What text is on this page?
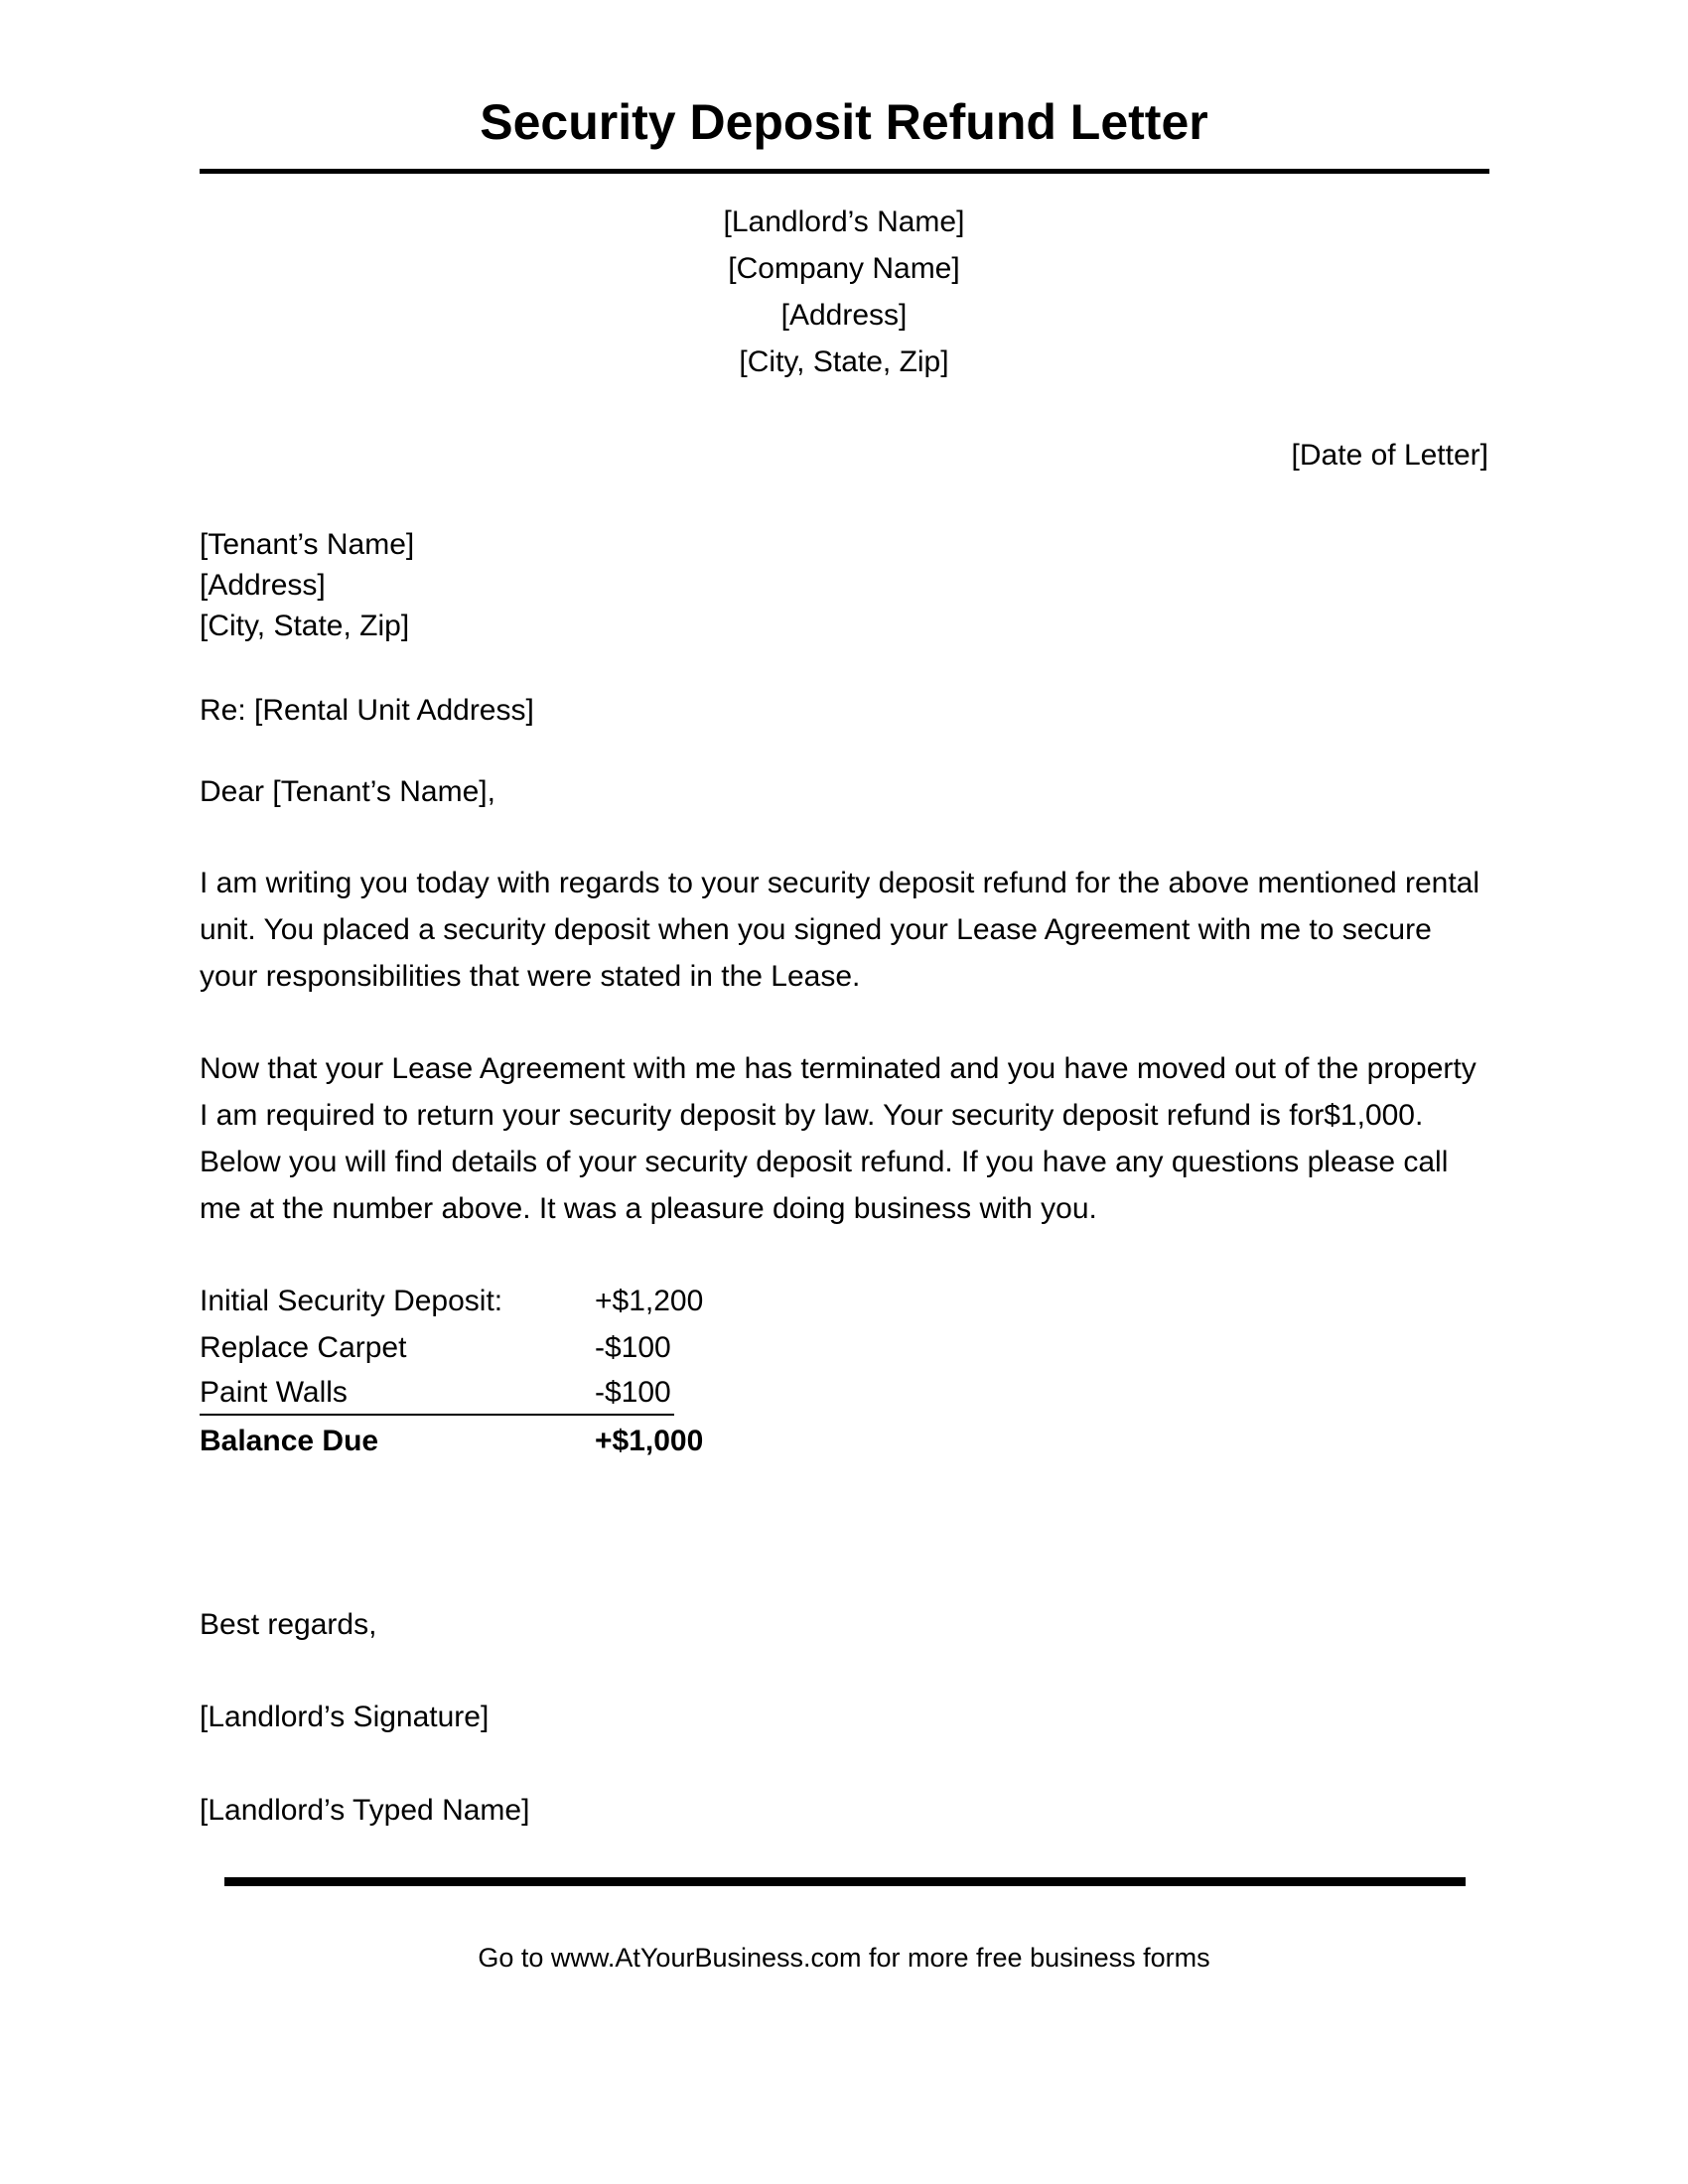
Security Deposit Refund Letter
[Landlord’s Name]
[Company Name]
[Address]
[City, State, Zip]
[Date of Letter]
[Tenant’s Name]
[Address]
[City, State, Zip]
Re: [Rental Unit Address]
Dear [Tenant’s Name],
I am writing you today with regards to your security deposit refund for the above mentioned rental unit. You placed a security deposit when you signed your Lease Agreement with me to secure your responsibilities that were stated in the Lease.
Now that your Lease Agreement with me has terminated and you have moved out of the property I am required to return your security deposit by law. Your security deposit refund is for$1,000. Below you will find details of your security deposit refund. If you have any questions please call me at the number above. It was a pleasure doing business with you.
Initial Security Deposit:	+$1,200
Replace Carpet	-$100
Paint Walls	-$100
Balance Due	+$1,000
Best regards,
[Landlord’s Signature]
[Landlord’s Typed Name]
Go to www.AtYourBusiness.com for more free business forms
